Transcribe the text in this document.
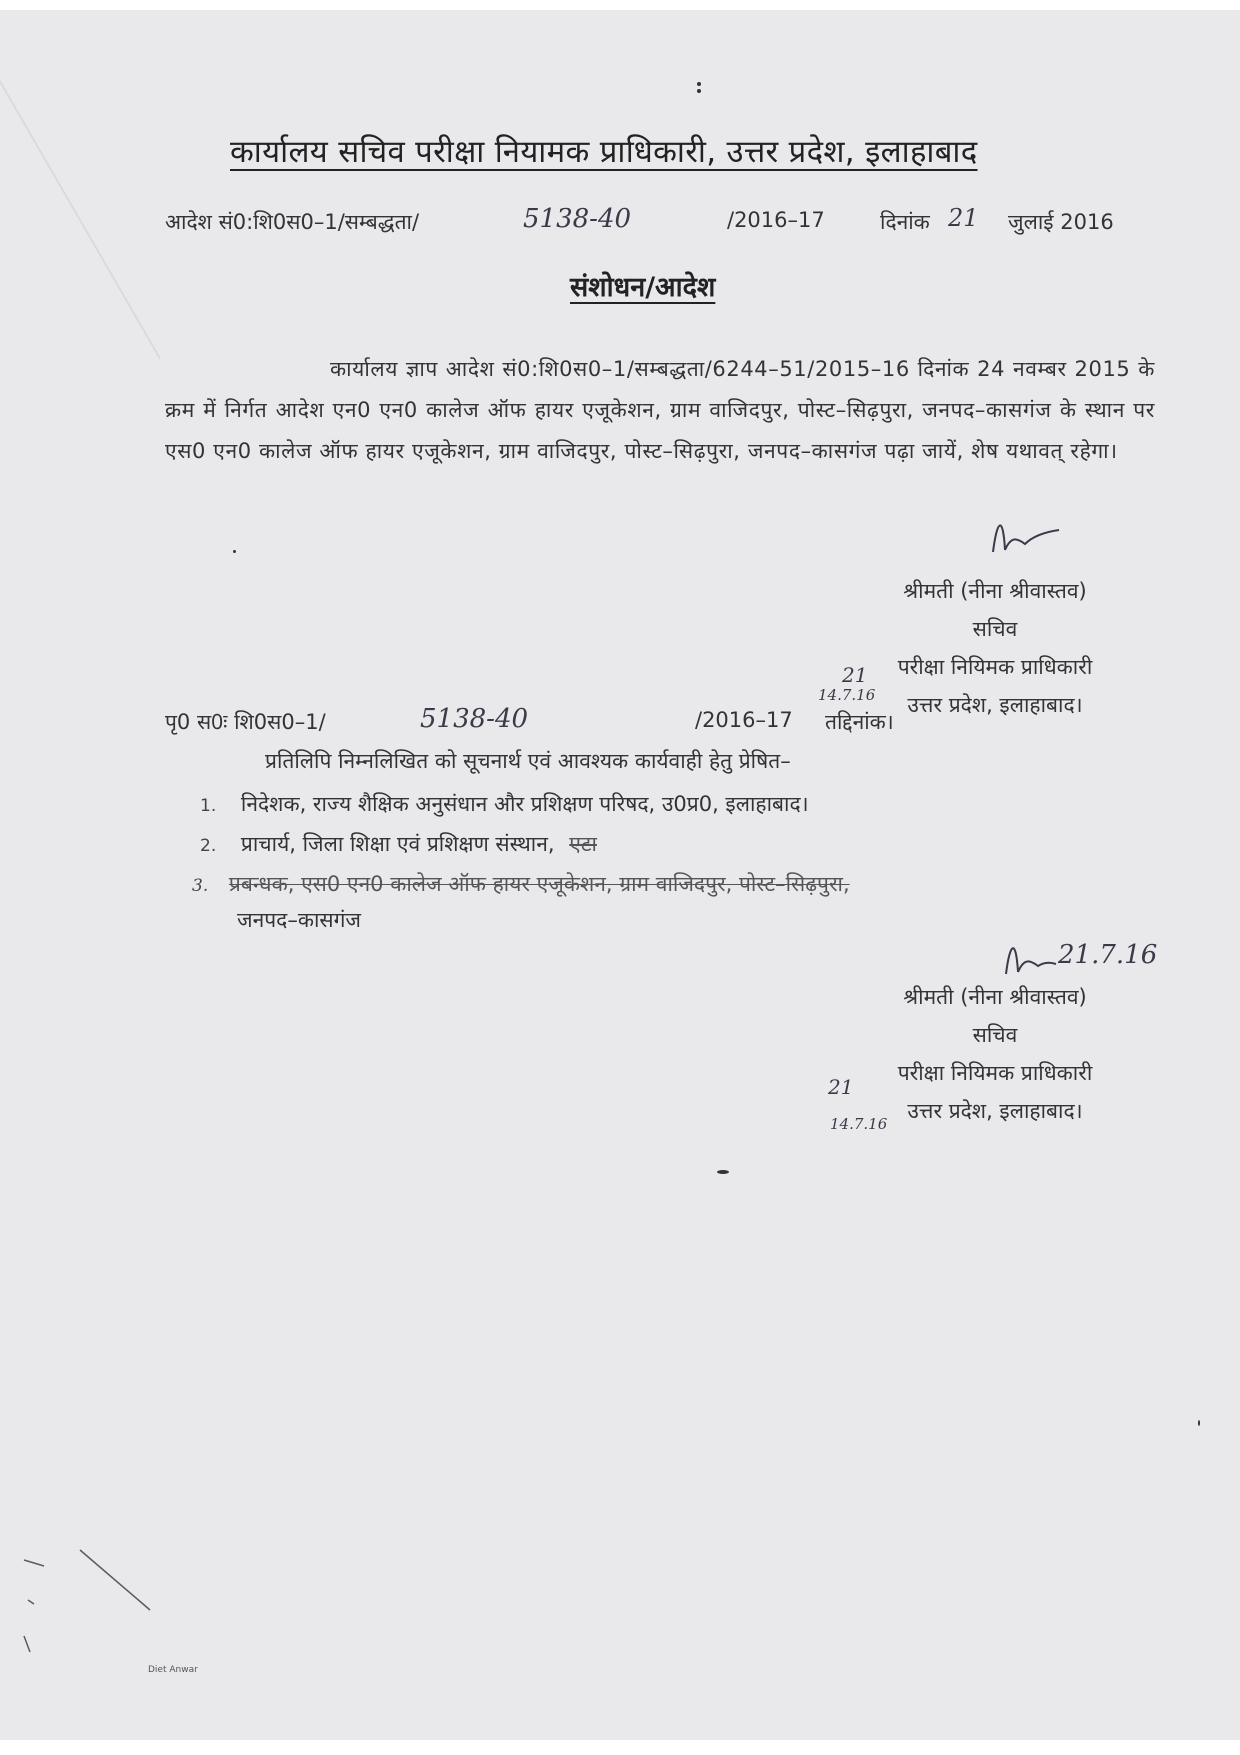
कार्यालय सचिव परीक्षा नियामक प्राधिकारी, उत्तर प्रदेश, इलाहाबाद
आदेश सं0:शि0स0–1/सम्बद्धता/	5138-40	/2016–17	दिनांक 21 जुलाई 2016
संशोधन/आदेश

कार्यालय ज्ञाप आदेश सं0:शि0स0–1/सम्बद्धता/6244–51/2015–16 दिनांक 24 नवम्बर 2015 के क्रम में निर्गत आदेश एन0 एन0 कालेज ऑफ हायर एजूकेशन, ग्राम वाजिदपुर, पोस्ट–सिढ़पुरा, जनपद–कासगंज के स्थान पर एस0 एन0 कालेज ऑफ हायर एजूकेशन, ग्राम वाजिदपुर, पोस्ट–सिढ़पुरा, जनपद–कासगंज पढ़ा जायें, शेष यथावत् रहेगा।

श्रीमती (नीना श्रीवास्तव)
सचिव
परीक्षा नियिमक प्राधिकारी
उत्तर प्रदेश, इलाहाबाद।
21
14.7.16
पृ0 स0ः शि0स0–1/	5138-40	/2016–17 तद्दिनांक।
प्रतिलिपि निम्नलिखित को सूचनार्थ एवं आवश्यक कार्यवाही हेतु प्रेषित–
1. निदेशक, राज्य शैक्षिक अनुसंधान और प्रशिक्षण परिषद, उ0प्र0, इलाहाबाद।
2. प्राचार्य, जिला शिक्षा एवं प्रशिक्षण संस्थान, एटा
3. प्रबन्धक, एस0 एन0 कालेज ऑफ हायर एजूकेशन, ग्राम वाजिदपुर, पोस्ट–सिढ़पुरा,
जनपद–कासगंज
21.7.16
श्रीमती (नीना श्रीवास्तव)
सचिव
परीक्षा नियिमक प्राधिकारी
उत्तर प्रदेश, इलाहाबाद।
21
14.7.16
Diet Anwar
